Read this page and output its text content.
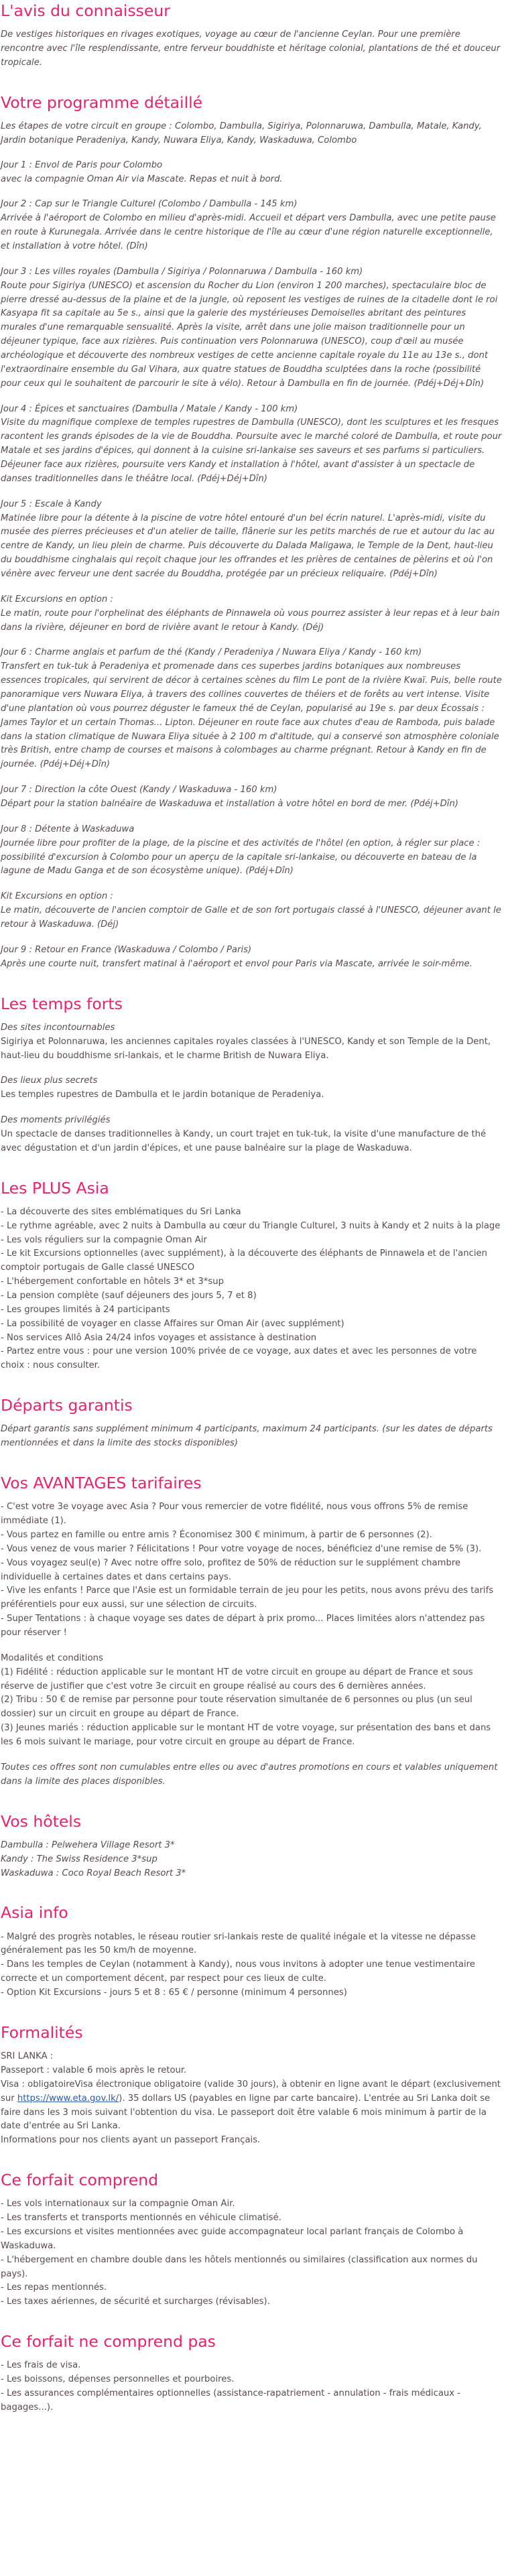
L'avis du connaisseur

De vestiges historiques en rivages exotiques, voyage au cœur de l'ancienne Ceylan. Pour une première rencontre avec l'île resplendissante, entre ferveur bouddhiste et héritage colonial, plantations de thé et douceur tropicale.

Votre programme détaillé

Les étapes de votre circuit en groupe : Colombo, Dambulla, Sigiriya, Polonnaruwa, Dambulla, Matale, Kandy, Jardin botanique Peradeniya, Kandy, Nuwara Eliya, Kandy, Waskaduwa, Colombo

Jour 1 : Envol de Paris pour Colombo
avec la compagnie Oman Air via Mascate. Repas et nuit à bord.
Jour 2 : Cap sur le Triangle Culturel (Colombo / Dambulla - 145 km)
Arrivée à l'aéroport de Colombo en milieu d'après-midi. Accueil et départ vers Dambulla, avec une petite pause en route à Kurunegala. Arrivée dans le centre historique de l'île au cœur d'une région naturelle exceptionnelle, et installation à votre hôtel. (Dîn)
Jour 3 : Les villes royales (Dambulla / Sigiriya / Polonnaruwa / Dambulla - 160 km)
Route pour Sigiriya (UNESCO) et ascension du Rocher du Lion (environ 1 200 marches), spectaculaire bloc de pierre dressé au-dessus de la plaine et de la jungle, où reposent les vestiges de ruines de la citadelle dont le roi Kasyapa fit sa capitale au 5e s., ainsi que la galerie des mystérieuses Demoiselles abritant des peintures murales d'une remarquable sensualité. Après la visite, arrêt dans une jolie maison traditionnelle pour un déjeuner typique, face aux rizières. Puis continuation vers Polonnaruwa (UNESCO), coup d'œil au musée archéologique et découverte des nombreux vestiges de cette ancienne capitale royale du 11e au 13e s., dont l'extraordinaire ensemble du Gal Vihara, aux quatre statues de Bouddha sculptées dans la roche (possibilité pour ceux qui le souhaitent de parcourir le site à vélo). Retour à Dambulla en fin de journée. (Pdéj+Déj+Dîn)
Jour 4 : Épices et sanctuaires (Dambulla / Matale / Kandy - 100 km)
Visite du magnifique complexe de temples rupestres de Dambulla (UNESCO), dont les sculptures et les fresques racontent les grands épisodes de la vie de Bouddha. Poursuite avec le marché coloré de Dambulla, et route pour Matale et ses jardins d'épices, qui donnent à la cuisine sri-lankaise ses saveurs et ses parfums si particuliers. Déjeuner face aux rizières, poursuite vers Kandy et installation à l'hôtel, avant d'assister à un spectacle de danses traditionnelles dans le théâtre local. (Pdéj+Déj+Dîn)
Jour 5 : Escale à Kandy
Matinée libre pour la détente à la piscine de votre hôtel entouré d'un bel écrin naturel. L'après-midi, visite du musée des pierres précieuses et d'un atelier de taille, flânerie sur les petits marchés de rue et autour du lac au centre de Kandy, un lieu plein de charme. Puis découverte du Dalada Maligawa, le Temple de la Dent, haut-lieu du bouddhisme cinghalais qui reçoit chaque jour les offrandes et les prières de centaines de pèlerins et où l'on vénère avec ferveur une dent sacrée du Bouddha, protégée par un précieux reliquaire. (Pdéj+Dîn)
Kit Excursions en option :
Le matin, route pour l'orphelinat des éléphants de Pinnawela où vous pourrez assister à leur repas et à leur bain dans la rivière, déjeuner en bord de rivière avant le retour à Kandy. (Déj)
Jour 6 : Charme anglais et parfum de thé (Kandy / Peradeniya / Nuwara Eliya / Kandy - 160 km)
Transfert en tuk-tuk à Peradeniya et promenade dans ces superbes jardins botaniques aux nombreuses essences tropicales, qui servirent de décor à certaines scènes du film Le pont de la rivière Kwaï. Puis, belle route panoramique vers Nuwara Eliya, à travers des collines couvertes de théiers et de forêts au vert intense. Visite d'une plantation où vous pourrez déguster le fameux thé de Ceylan, popularisé au 19e s. par deux Écossais : James Taylor et un certain Thomas... Lipton. Déjeuner en route face aux chutes d'eau de Ramboda, puis balade dans la station climatique de Nuwara Eliya située à 2 100 m d'altitude, qui a conservé son atmosphère coloniale très British, entre champ de courses et maisons à colombages au charme prégnant. Retour à Kandy en fin de journée. (Pdéj+Déj+Dîn)
Jour 7 : Direction la côte Ouest (Kandy / Waskaduwa - 160 km)
Départ pour la station balnéaire de Waskaduwa et installation à votre hôtel en bord de mer. (Pdéj+Dîn)
Jour 8 : Détente à Waskaduwa
Journée libre pour profiter de la plage, de la piscine et des activités de l'hôtel (en option, à régler sur place : possibilité d'excursion à Colombo pour un aperçu de la capitale sri-lankaise, ou découverte en bateau de la lagune de Madu Ganga et de son écosystème unique). (Pdéj+Dîn)
Kit Excursions en option :
Le matin, découverte de l'ancien comptoir de Galle et de son fort portugais classé à l'UNESCO, déjeuner avant le retour à Waskaduwa. (Déj)
Jour 9 : Retour en France (Waskaduwa / Colombo / Paris)
Après une courte nuit, transfert matinal à l'aéroport et envol pour Paris via Mascate, arrivée le soir-même.
Les temps forts
Des sites incontournables
Sigiriya et Polonnaruwa, les anciennes capitales royales classées à l'UNESCO, Kandy et son Temple de la Dent, haut-lieu du bouddhisme sri-lankais, et le charme British de Nuwara Eliya.
Des lieux plus secrets
Les temples rupestres de Dambulla et le jardin botanique de Peradeniya.
Des moments privilégiés
Un spectacle de danses traditionnelles à Kandy, un court trajet en tuk-tuk, la visite d'une manufacture de thé avec dégustation et d'un jardin d'épices, et une pause balnéaire sur la plage de Waskaduwa.
Les PLUS Asia
- La découverte des sites emblématiques du Sri Lanka
- Le rythme agréable, avec 2 nuits à Dambulla au cœur du Triangle Culturel, 3 nuits à Kandy et 2 nuits à la plage
- Les vols réguliers sur la compagnie Oman Air
- Le kit Excursions optionnelles (avec supplément), à la découverte des éléphants de Pinnawela et de l'ancien comptoir portugais de Galle classé UNESCO
- L'hébergement confortable en hôtels 3* et 3*sup
- La pension complète (sauf déjeuners des jours 5, 7 et 8)
- Les groupes limités à 24 participants
- La possibilité de voyager en classe Affaires sur Oman Air (avec supplément)
- Nos services Allô Asia 24/24 infos voyages et assistance à destination
- Partez entre vous : pour une version 100% privée de ce voyage, aux dates et avec les personnes de votre choix : nous consulter.
Départs garantis

Départ garantis sans supplément minimum 4 participants, maximum 24 participants. (sur les dates de départs mentionnées et dans la limite des stocks disponibles)

Vos AVANTAGES tarifaires
- C'est votre 3e voyage avec Asia ? Pour vous remercier de votre fidélité, nous vous offrons 5% de remise immédiate (1).
- Vous partez en famille ou entre amis ? Économisez 300 € minimum, à partir de 6 personnes (2).
- Vous venez de vous marier ? Félicitations ! Pour votre voyage de noces, bénéficiez d'une remise de 5% (3).
- Vous voyagez seul(e) ? Avec notre offre solo, profitez de 50% de réduction sur le supplément chambre individuelle à certaines dates et dans certains pays.
- Vive les enfants ! Parce que l'Asie est un formidable terrain de jeu pour les petits, nous avons prévu des tarifs préférentiels pour eux aussi, sur une sélection de circuits.
- Super Tentations : à chaque voyage ses dates de départ à prix promo... Places limitées alors n'attendez pas pour réserver !
Modalités et conditions
(1) Fidélité : réduction applicable sur le montant HT de votre circuit en groupe au départ de France et sous réserve de justifier que c'est votre 3e circuit en groupe réalisé au cours des 6 dernières années.
(2) Tribu : 50 € de remise par personne pour toute réservation simultanée de 6 personnes ou plus (un seul dossier) sur un circuit en groupe au départ de France.
(3) Jeunes mariés : réduction applicable sur le montant HT de votre voyage, sur présentation des bans et dans les 6 mois suivant le mariage, pour votre circuit en groupe au départ de France.

Toutes ces offres sont non cumulables entre elles ou avec d'autres promotions en cours et valables uniquement dans la limite des places disponibles.

Vos hôtels
Dambulla : Pelwehera Village Resort 3*
Kandy : The Swiss Residence 3*sup
Waskaduwa : Coco Royal Beach Resort 3*
Asia info
- Malgré des progrès notables, le réseau routier sri-lankais reste de qualité inégale et la vitesse ne dépasse généralement pas les 50 km/h de moyenne.
- Dans les temples de Ceylan (notamment à Kandy), nous vous invitons à adopter une tenue vestimentaire correcte et un comportement décent, par respect pour ces lieux de culte.
- Option Kit Excursions - jours 5 et 8 : 65 € / personne (minimum 4 personnes)
Formalités
SRI LANKA :
Passeport : valable 6 mois après le retour.
Visa : obligatoireVisa électronique obligatoire (valide 30 jours), à obtenir en ligne avant le départ (exclusivement sur https://www.eta.gov.lk/). 35 dollars US (payables en ligne par carte bancaire). L'entrée au Sri Lanka doit se faire dans les 3 mois suivant l'obtention du visa. Le passeport doit être valable 6 mois minimum à partir de la date d'entrée au Sri Lanka.
Informations pour nos clients ayant un passeport Français.
Ce forfait comprend
- Les vols internationaux sur la compagnie Oman Air.
- Les transferts et transports mentionnés en véhicule climatisé.
- Les excursions et visites mentionnées avec guide accompagnateur local parlant français de Colombo à Waskaduwa.
- L'hébergement en chambre double dans les hôtels mentionnés ou similaires (classification aux normes du pays).
- Les repas mentionnés.
- Les taxes aériennes, de sécurité et surcharges (révisables).
Ce forfait ne comprend pas
- Les frais de visa.
- Les boissons, dépenses personnelles et pourboires.
- Les assurances complémentaires optionnelles (assistance-rapatriement - annulation - frais médicaux - bagages...).
